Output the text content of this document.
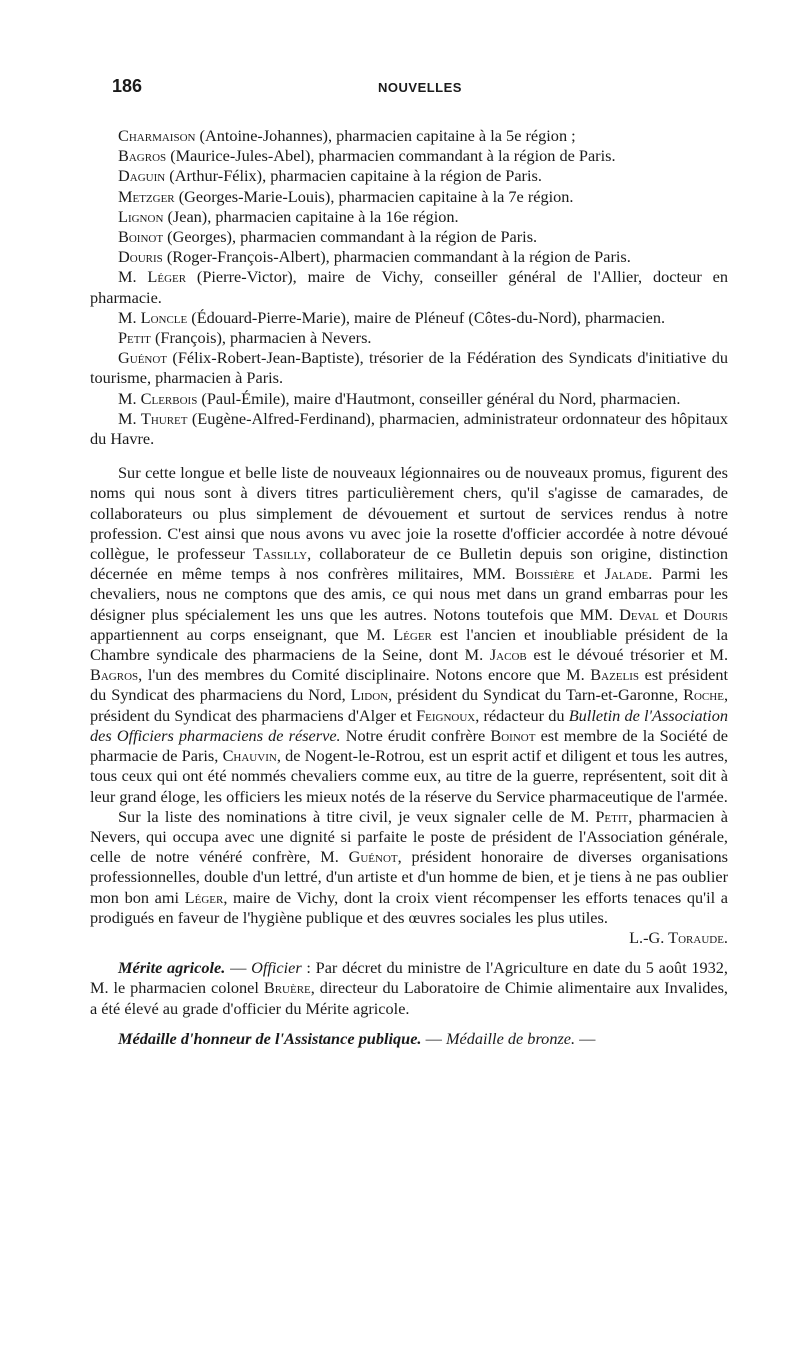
186	NOUVELLES

Charmaison (Antoine-Johannes), pharmacien capitaine à la 5e région ;

Bagros (Maurice-Jules-Abel), pharmacien commandant à la région de Paris.

Daguin (Arthur-Félix), pharmacien capitaine à la région de Paris.

Metzger (Georges-Marie-Louis), pharmacien capitaine à la 7e région.

Lignon (Jean), pharmacien capitaine à la 16e région.

Boinot (Georges), pharmacien commandant à la région de Paris.

Douris (Roger-François-Albert), pharmacien commandant à la région de Paris.

M. Léger (Pierre-Victor), maire de Vichy, conseiller général de l'Allier, docteur en pharmacie.

M. Loncle (Édouard-Pierre-Marie), maire de Pléneuf (Côtes-du-Nord), pharmacien.

Petit (François), pharmacien à Nevers.

Guénot (Félix-Robert-Jean-Baptiste), trésorier de la Fédération des Syndicats d'initiative du tourisme, pharmacien à Paris.

M. Clerbois (Paul-Émile), maire d'Hautmont, conseiller général du Nord, pharmacien.

M. Thuret (Eugène-Alfred-Ferdinand), pharmacien, administrateur ordonnateur des hôpitaux du Havre.

Sur cette longue et belle liste de nouveaux légionnaires ou de nouveaux promus, figurent des noms qui nous sont à divers titres particulièrement chers, qu'il s'agisse de camarades, de collaborateurs ou plus simplement de dévouement et surtout de services rendus à notre profession. C'est ainsi que nous avons vu avec joie la rosette d'officier accordée à notre dévoué collègue, le professeur Tassilly, collaborateur de ce Bulletin depuis son origine, distinction décernée en même temps à nos confrères militaires, MM. Boissière et Jalade. Parmi les chevaliers, nous ne comptons que des amis, ce qui nous met dans un grand embarras pour les désigner plus spécialement les uns que les autres. Notons toutefois que MM. Deval et Douris appartiennent au corps enseignant, que M. Léger est l'ancien et inoubliable président de la Chambre syndicale des pharmaciens de la Seine, dont M. Jacob est le dévoué trésorier et M. Bagros, l'un des membres du Comité disciplinaire. Notons encore que M. Bazelis est président du Syndicat des pharmaciens du Nord, Lidon, président du Syndicat du Tarn-et-Garonne, Roche, président du Syndicat des pharmaciens d'Alger et Feignoux, rédacteur du Bulletin de l'Association des Officiers pharmaciens de réserve. Notre érudit confrère Boinot est membre de la Société de pharmacie de Paris, Chauvin, de Nogent-le-Rotrou, est un esprit actif et diligent et tous les autres, tous ceux qui ont été nommés chevaliers comme eux, au titre de la guerre, représentent, soit dit à leur grand éloge, les officiers les mieux notés de la réserve du Service pharmaceutique de l'armée.

Sur la liste des nominations à titre civil, je veux signaler celle de M. Petit, pharmacien à Nevers, qui occupa avec une dignité si parfaite le poste de président de l'Association générale, celle de notre vénéré confrère, M. Guénot, président honoraire de diverses organisations professionnelles, double d'un lettré, d'un artiste et d'un homme de bien, et je tiens à ne pas oublier mon bon ami Léger, maire de Vichy, dont la croix vient récompenser les efforts tenaces qu'il a prodigués en faveur de l'hygiène publique et des œuvres sociales les plus utiles.
L.-G. Toraude.

Mérite agricole. — Officier : Par décret du ministre de l'Agriculture en date du 5 août 1932, M. le pharmacien colonel Bruère, directeur du Laboratoire de Chimie alimentaire aux Invalides, a été élevé au grade d'officier du Mérite agricole.

Médaille d'honneur de l'Assistance publique. — Médaille de bronze. —
